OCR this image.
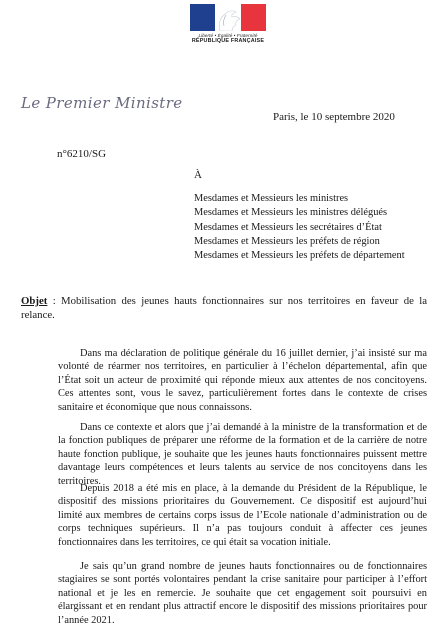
Liberté • Égalité • Fraternité
RÉPUBLIQUE FRANÇAISE
Le Premier Ministre
Paris, le 10 septembre 2020
n°6210/SG
À
Mesdames et Messieurs les ministres
Mesdames et Messieurs les ministres délégués
Mesdames et Messieurs les secrétaires d’État
Mesdames et Messieurs les préfets de région
Mesdames et Messieurs les préfets de département
Objet : Mobilisation des jeunes hauts fonctionnaires sur nos territoires en faveur de la relance.
Dans ma déclaration de politique générale du 16 juillet dernier, j’ai insisté sur ma volonté de réarmer nos territoires, en particulier à l’échelon départemental, afin que l’État soit un acteur de proximité qui réponde mieux aux attentes de nos concitoyens. Ces attentes sont, vous le savez, particulièrement fortes dans le contexte de crises sanitaire et économique que nous connaissons.
Dans ce contexte et alors que j’ai demandé à la ministre de la transformation et de la fonction publiques de préparer une réforme de la formation et de la carrière de notre haute fonction publique, je souhaite que les jeunes hauts fonctionnaires puissent mettre davantage leurs compétences et leurs talents au service de nos concitoyens dans les territoires.
Depuis 2018 a été mis en place, à la demande du Président de la République, le dispositif des missions prioritaires du Gouvernement. Ce dispositif est aujourd’hui limité aux membres de certains corps issus de l’Ecole nationale d’administration ou de corps techniques supérieurs. Il n’a pas toujours conduit à affecter ces jeunes fonctionnaires dans les territoires, ce qui était sa vocation initiale.
Je sais qu’un grand nombre de jeunes hauts fonctionnaires ou de fonctionnaires stagiaires se sont portés volontaires pendant la crise sanitaire pour participer à l’effort national et je les en remercie. Je souhaite que cet engagement soit poursuivi en élargissant et en rendant plus attractif encore le dispositif des missions prioritaires pour l’année 2021.
